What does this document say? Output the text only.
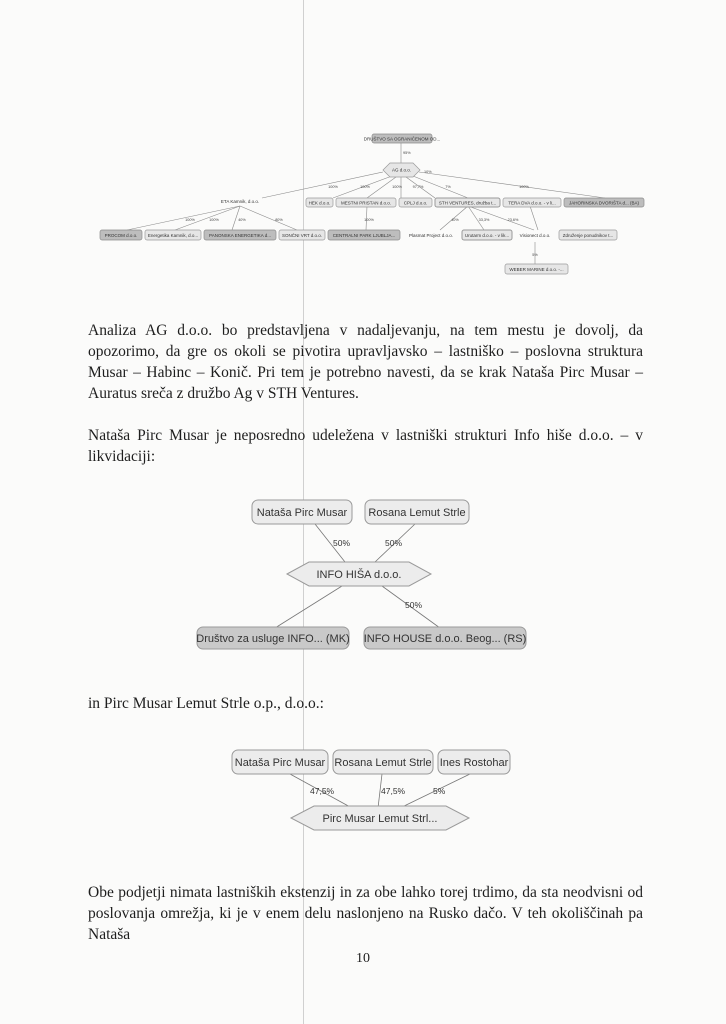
DRUŠTVO SA OGRANIČENOM OD...
95%
AG d.o.o.	10%
ETA Kamnik, d.o.o.
100%	100%	100%	97,7%	7%	100%
HEK d.o.o. MESTNI PRISTAN d.o.o.	CPLJ d.o.o.	STH VENTURES, družba t...	TERA DVA d.o.o. - v li...	JAHORINSKA DVORIŠTA d... (BA)
100%	100%	40%	80%	100%	40%	33,3%	23,6%
PROCOM d.o.o. Energetika Kamnik, d.o... PANONSKA ENERGETIKA d... SONČNI VRT d.o.o. CENTRALNI PARK LJUBLJA...	Plasmat Project d.o.o.	Urutarm d.o.o. - v lik... Visionect d.o.o.	Združenje ponudnikov t...
5%
WEBER MARINE d.o.o. -...

Analiza AG d.o.o. bo predstavljena v nadaljevanju, na tem mestu je dovolj, da opozorimo, da gre os okoli se pivotira upravljavsko – lastniško – poslovna struktura Musar – Habinc – Konič. Pri tem je potrebno navesti, da se krak Nataša Pirc Musar – Auratus sreča z družbo Ag v STH Ventures.

Nataša Pirc Musar je neposredno udeležena v lastniški strukturi Info hiše d.o.o. – v likvidaciji:

Nataša Pirc Musar Rosana Lemut Strle
50%	50%
INFO HIŠA d.o.o.
50%
Društvo za usluge INFO... (MK) INFO HOUSE d.o.o. Beog... (RS)

in Pirc Musar Lemut Strle o.p., d.o.o.:

Nataša Pirc Musar Rosana Lemut Strle Ines Rostohar
47,5%	47,5%	5%
Pirc Musar Lemut Strl...

Obe podjetji nimata lastniških ekstenzij in za obe lahko torej trdimo, da sta neodvisni od poslovanja omrežja, ki je v enem delu naslonjeno na Rusko dačo. V teh okoliščinah pa Nataša

10
